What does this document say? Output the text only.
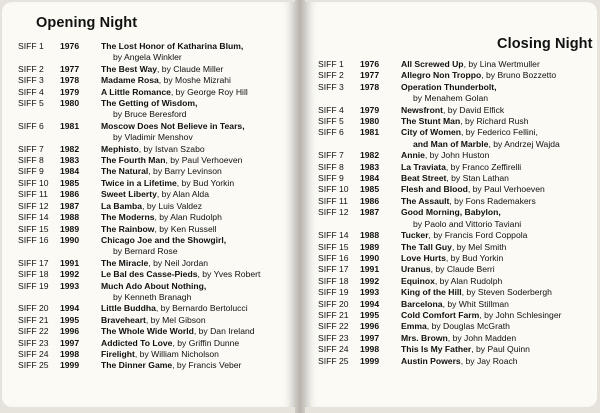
Opening Night
SIFF 1	1976	The Lost Honor of Katharina Blum,
by Angela Winkler
SIFF 2	1977	The Best Way, by Claude Miller
SIFF 3	1978	Madame Rosa, by Moshe Mizrahi
SIFF 4	1979	A Little Romance, by George Roy Hill
SIFF 5	1980	The Getting of Wisdom,
by Bruce Beresford
SIFF 6	1981	Moscow Does Not Believe in Tears,
by Vladimir Menshov
SIFF 7	1982	Mephisto, by Istvan Szabo
SIFF 8	1983	The Fourth Man, by Paul Verhoeven
SIFF 9	1984	The Natural, by Barry Levinson
SIFF 10	1985	Twice in a Lifetime, by Bud Yorkin
SIFF 11	1986	Sweet Liberty, by Alan Alda
SIFF 12	1987	La Bamba, by Luis Valdez
SIFF 14	1988	The Moderns, by Alan Rudolph
SIFF 15	1989	The Rainbow, by Ken Russell
SIFF 16	1990	Chicago Joe and the Showgirl,
by Bernard Rose
SIFF 17	1991	The Miracle, by Neil Jordan
SIFF 18	1992	Le Bal des Casse-Pieds, by Yves Robert
SIFF 19	1993	Much Ado About Nothing,
by Kenneth Branagh
SIFF 20	1994	Little Buddha, by Bernardo Bertolucci
SIFF 21	1995	Braveheart, by Mel Gibson
SIFF 22	1996	The Whole Wide World, by Dan Ireland
SIFF 23	1997	Addicted To Love, by Griffin Dunne
SIFF 24	1998	Firelight, by William Nicholson
SIFF 25	1999	The Dinner Game, by Francis Veber
Closing Night
SIFF 1	1976	All Screwed Up, by Lina Wertmuller
SIFF 2	1977	Allegro Non Troppo, by Bruno Bozzetto
SIFF 3	1978	Operation Thunderbolt,
by Menahem Golan
SIFF 4	1979	Newsfront, by David Elfick
SIFF 5	1980	The Stunt Man, by Richard Rush
SIFF 6	1981	City of Women, by Federico Fellini,
and Man of Marble, by Andrzej Wajda
SIFF 7	1982	Annie, by John Huston
SIFF 8	1983	La Traviata, by Franco Zeffirelli
SIFF 9	1984	Beat Street, by Stan Lathan
SIFF 10	1985	Flesh and Blood, by Paul Verhoeven
SIFF 11	1986	The Assault, by Fons Rademakers
SIFF 12	1987	Good Morning, Babylon,
by Paolo and Vittorio Taviani
SIFF 14	1988	Tucker, by Francis Ford Coppola
SIFF 15	1989	The Tall Guy, by Mel Smith
SIFF 16	1990	Love Hurts, by Bud Yorkin
SIFF 17	1991	Uranus, by Claude Berri
SIFF 18	1992	Equinox, by Alan Rudolph
SIFF 19	1993	King of the Hill, by Steven Soderbergh
SIFF 20	1994	Barcelona, by Whit Stillman
SIFF 21	1995	Cold Comfort Farm, by John Schlesinger
SIFF 22	1996	Emma, by Douglas McGrath
SIFF 23	1997	Mrs. Brown, by John Madden
SIFF 24	1998	This Is My Father, by Paul Quinn
SIFF 25	1999	Austin Powers, by Jay Roach
